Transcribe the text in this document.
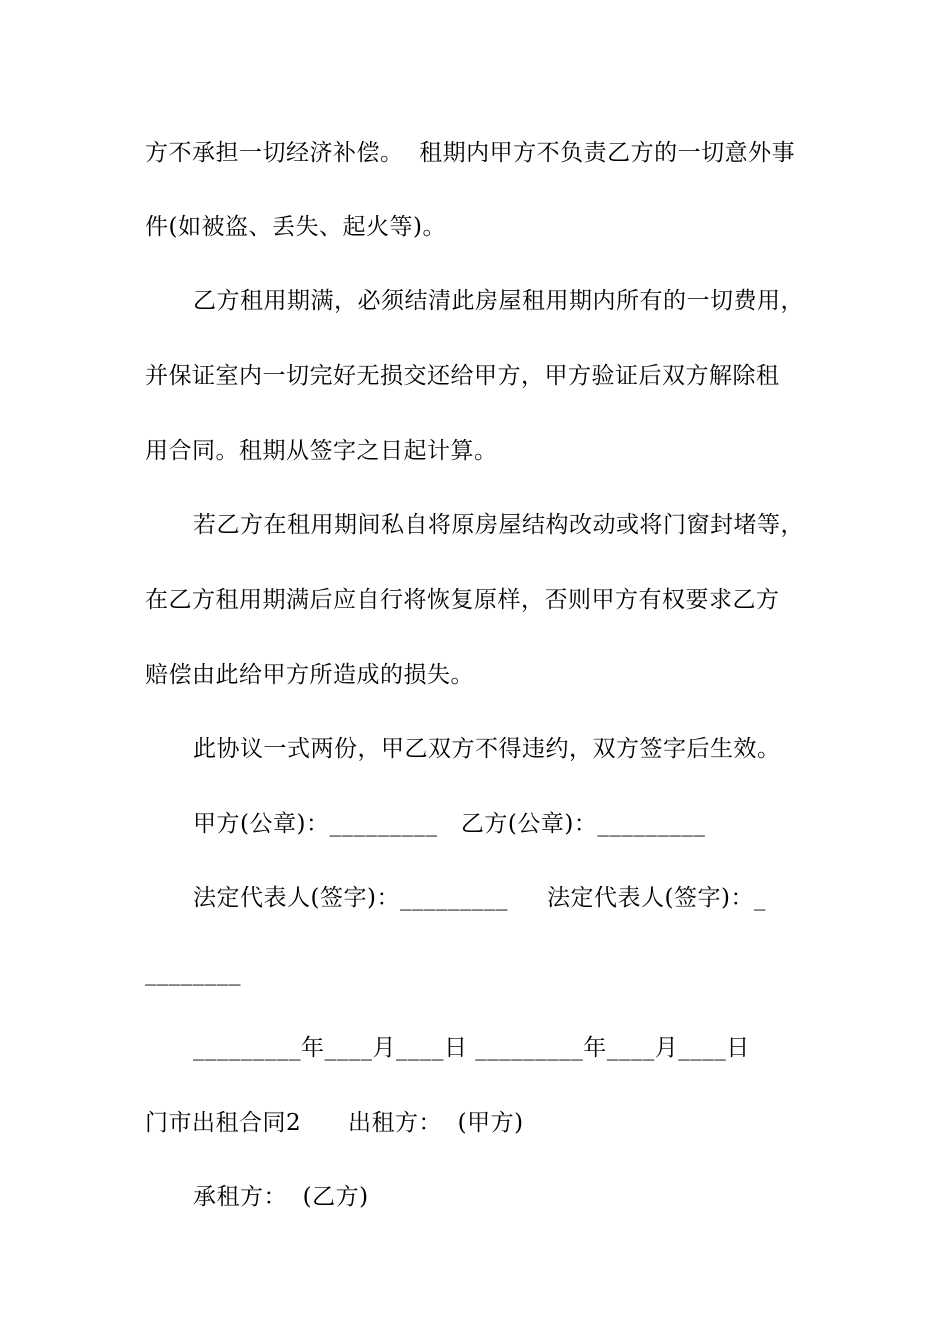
方不承担一切经济补偿。  租期内甲方不负责乙方的一切意外事
件(如被盗、丢失、起火等)。
乙方租用期满，必须结清此房屋租用期内所有的一切费用，
并保证室内一切完好无损交还给甲方，甲方验证后双方解除租
用合同。租期从签字之日起计算。
若乙方在租用期间私自将原房屋结构改动或将门窗封堵等，
在乙方租用期满后应自行将恢复原样，否则甲方有权要求乙方
赔偿由此给甲方所造成的损失。
此协议一式两份，甲乙双方不得违约，双方签字后生效。
甲方(公章)：_________   乙方(公章)：_________
法定代表人(签字)：_________     法定代表人(签字)：_
________
_________年____月____日 _________年____月____日
门市出租合同2      出租方：  (甲方)
承租方：  (乙方)
